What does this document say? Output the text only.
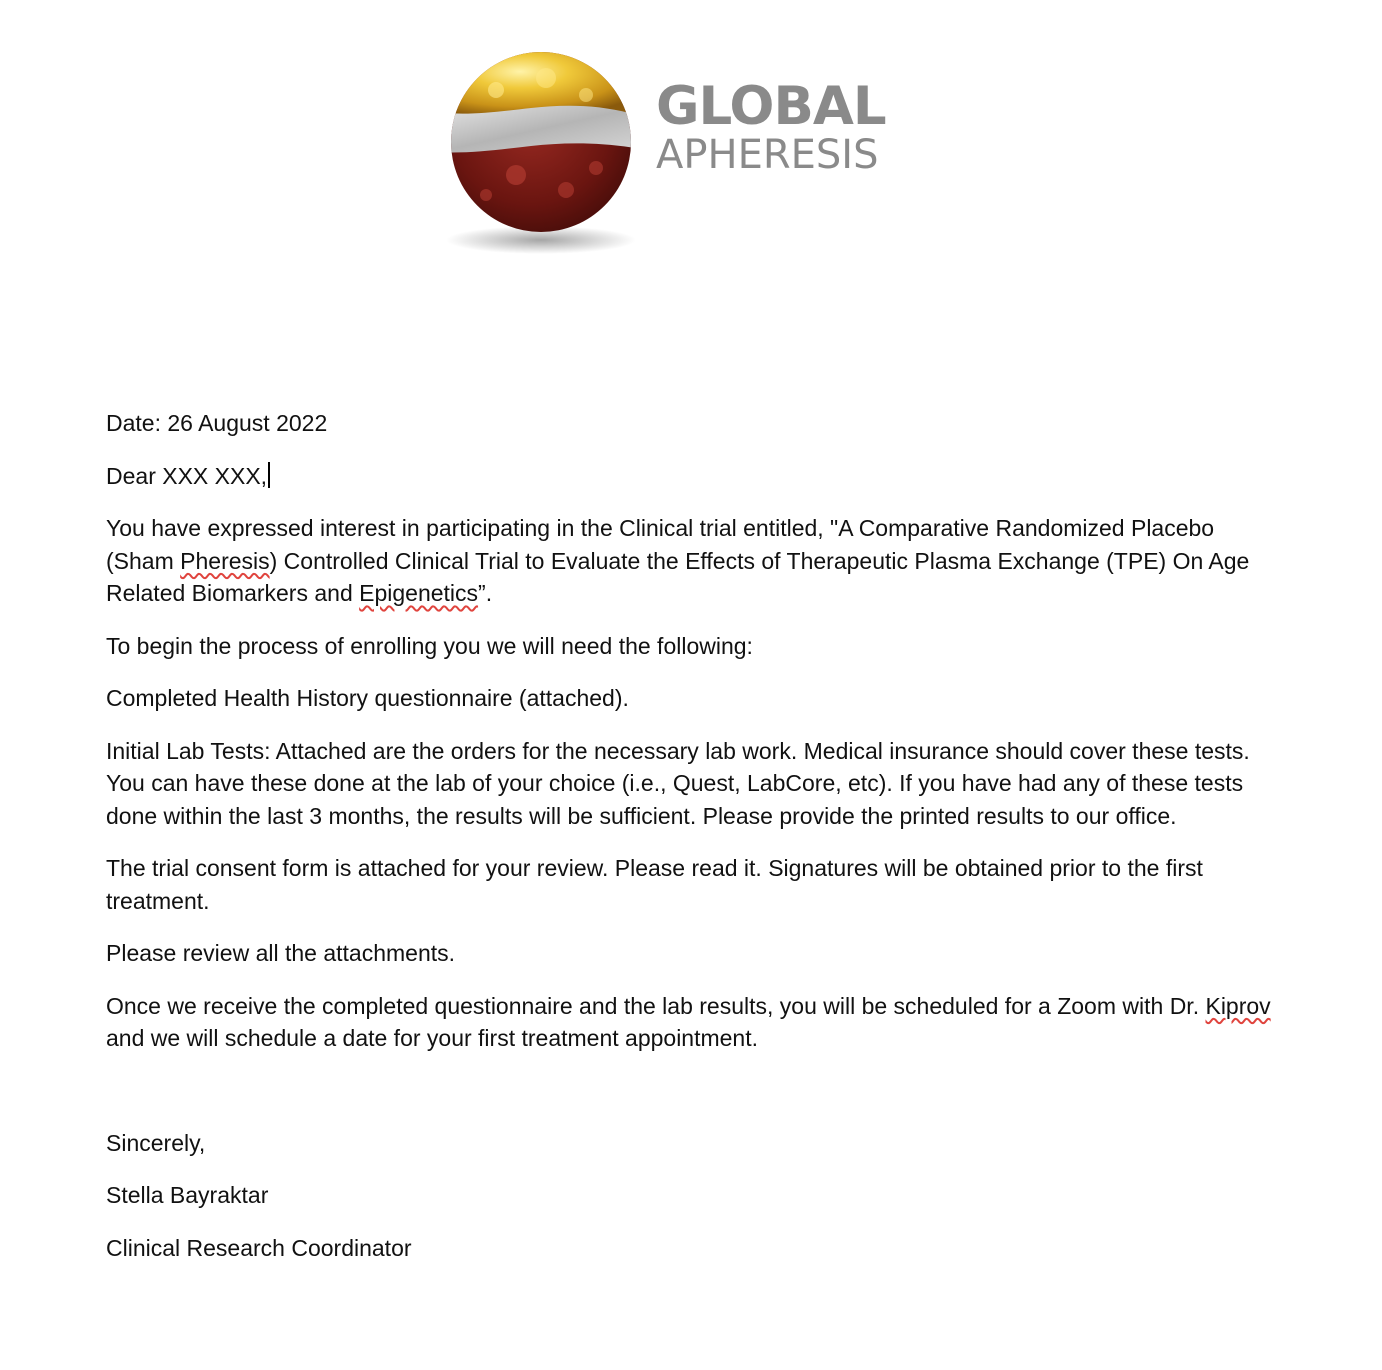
GLOBAL
APHERESIS

Date: 26 August 2022

Dear XXX XXX,

You have expressed interest in participating in the Clinical trial entitled, "A Comparative Randomized Placebo (Sham Pheresis) Controlled Clinical Trial to Evaluate the Effects of Therapeutic Plasma Exchange (TPE) On Age Related Biomarkers and Epigenetics”.

To begin the process of enrolling you we will need the following:

Completed Health History questionnaire (attached).

Initial Lab Tests: Attached are the orders for the necessary lab work. Medical insurance should cover these tests. You can have these done at the lab of your choice (i.e., Quest, LabCore, etc). If you have had any of these tests done within the last 3 months, the results will be sufficient. Please provide the printed results to our office.

The trial consent form is attached for your review. Please read it. Signatures will be obtained prior to the first treatment.

Please review all the attachments.

Once we receive the completed questionnaire and the lab results, you will be scheduled for a Zoom with Dr. Kiprov and we will schedule a date for your first treatment appointment.

Sincerely,

Stella Bayraktar

Clinical Research Coordinator
